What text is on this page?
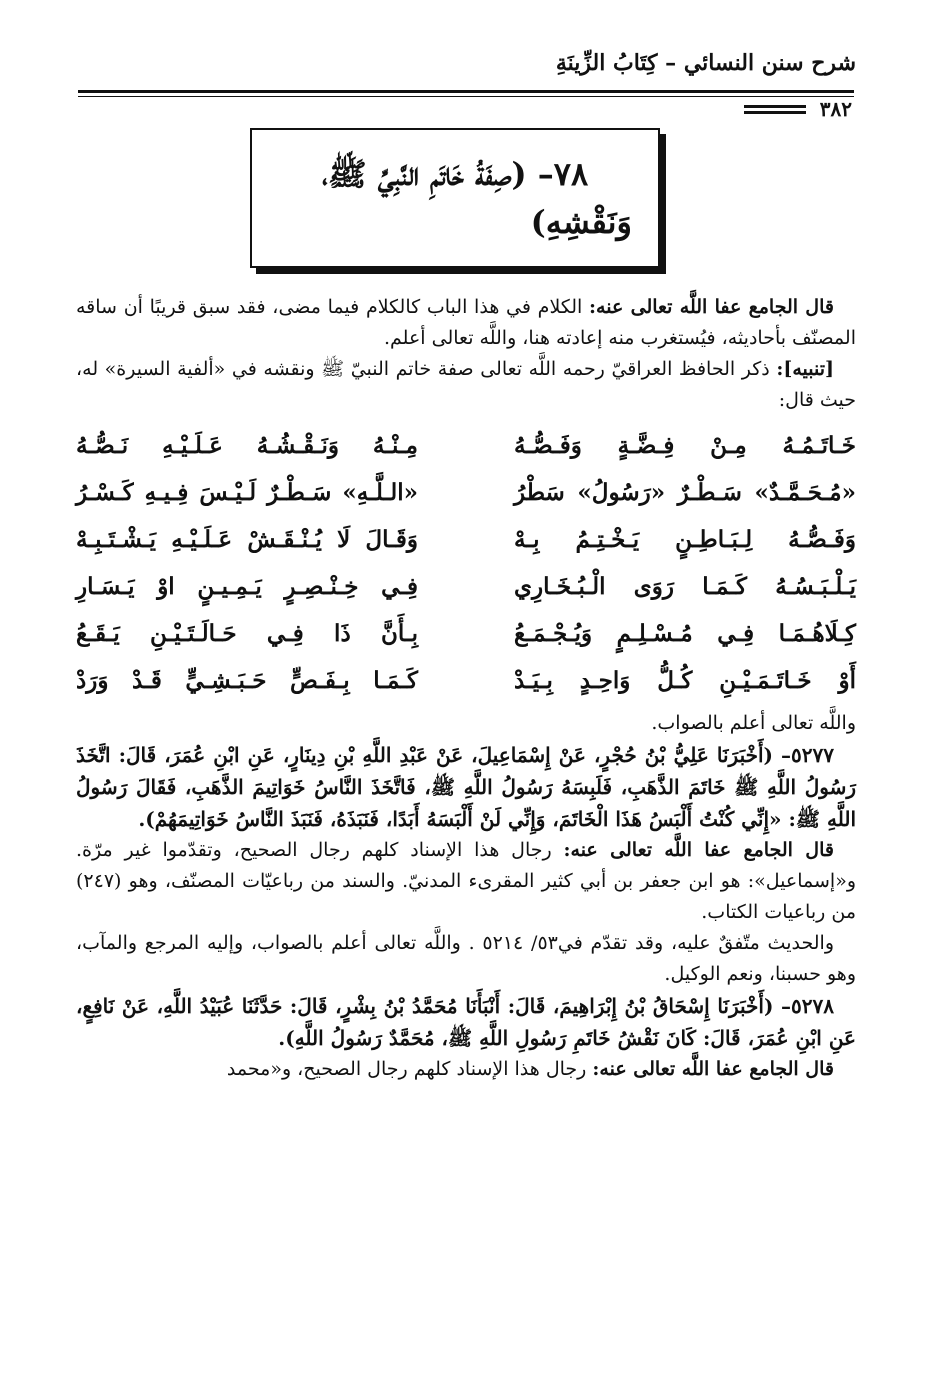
شرح سنن النسائي – كِتَابُ الزِّينَةِ
٣٨٢
٧٨– (صِفَةُ خَاتَمِ النَّبِيِّ ﷺ،
وَنَقْشِهِ)

قال الجامع عفا اللَّه تعالى عنه: الكلام في هذا الباب كالكلام فيما مضى، فقد سبق قريبًا أن ساقه المصنّف بأحاديثه، فيُستغرب منه إعادته هنا، واللَّه تعالى أعلم.

[تنبيه]: ذكر الحافظ العراقيّ رحمه اللَّه تعالى صفة خاتم النبيّ ﷺ ونقشه في «ألفية السيرة» له، حيث قال:

خَـاتَـمُـهُ مِـنْ فِـضَّـةٍ وَفَـصُّـهُ
مِـنْـهُ وَنَـقْـشُـهُ عَـلَـيْـهِ نَـصُّـهُ
«مُـحَـمَّـدٌ» سَـطْـرٌ «رَسُولُ» سَطْرُ
«الـلَّـهِ» سَـطْـرٌ لَـيْـسَ فِـيـهِ كَـسْـرُ
وَفَـصُّـهُ لِـبَـاطِـنٍ يَـخْـتِـمُ بِـهْ
وَقَـالَ لَا يُـنْـقَـشْ عَـلَـيْـهِ يَـشْـتَـبِـهْ
يَـلْـبَـسُـهُ كَـمَـا رَوَى الْـبُـخَـارِي
فِـي خِـنْـصِـرٍ يَـمِـيـنٍ اوْ يَـسَـارِ
كِـلَاهُـمَـا فِـي مُـسْـلِـمٍ وَيُـجْـمَـعُ
بِـأَنَّ ذَا فِـي حَـالَـتَـيْـنِ يَـقَـعُ
أَوْ خَـاتَـمَـيْـنِ كُـلُّ وَاحِـدٍ بِـيَـدْ
كَـمَـا بِـفَـصٍّ حَـبَـشِـيٍّ قَـدْ وَرَدْ

واللَّه تعالى أعلم بالصواب.

٥٢٧٧– (أَخْبَرَنَا عَلِيُّ بْنُ حُجْرٍ، عَنْ إِسْمَاعِيلَ، عَنْ عَبْدِ اللَّهِ بْنِ دِينَارٍ، عَنِ ابْنِ عُمَرَ، قَالَ: اتَّخَذَ رَسُولُ اللَّهِ ﷺ خَاتَمَ الذَّهَبِ، فَلَبِسَهُ رَسُولُ اللَّهِ ﷺ، فَاتَّخَذَ النَّاسُ خَوَاتِيمَ الذَّهَبِ، فَقَالَ رَسُولُ اللَّهِ ﷺ: «إِنِّي كُنْتُ أَلْبَسُ هَذَا الْخَاتَمَ، وَإِنِّي لَنْ أَلْبَسَهُ أَبَدًا، فَنَبَذَهُ، فَنَبَذَ النَّاسُ خَوَاتِيمَهُمْ).

قال الجامع عفا اللَّه تعالى عنه: رجال هذا الإسناد كلهم رجال الصحيح، وتقدّموا غير مرّة. و«إسماعيل»: هو ابن جعفر بن أبي كثير المقرىء المدنيّ. والسند من رباعيّات المصنّف، وهو (٢٤٧) من رباعيات الكتاب.

والحديث متّفقٌ عليه، وقد تقدّم في٥٣/ ٥٢١٤ . واللَّه تعالى أعلم بالصواب، وإليه المرجع والمآب، وهو حسبنا، ونعم الوكيل.

٥٢٧٨– (أَخْبَرَنَا إِسْحَاقُ بْنُ إِبْرَاهِيمَ، قَالَ: أَنْبَأَنَا مُحَمَّدُ بْنُ بِشْرٍ، قَالَ: حَدَّثَنَا عُبَيْدُ اللَّهِ، عَنْ نَافِعٍ، عَنِ ابْنِ عُمَرَ، قَالَ: كَانَ نَقْشُ خَاتَمِ رَسُولِ اللَّهِ ﷺ، مُحَمَّدٌ رَسُولُ اللَّهِ).

قال الجامع عفا اللَّه تعالى عنه: رجال هذا الإسناد كلهم رجال الصحيح، و«محمد
